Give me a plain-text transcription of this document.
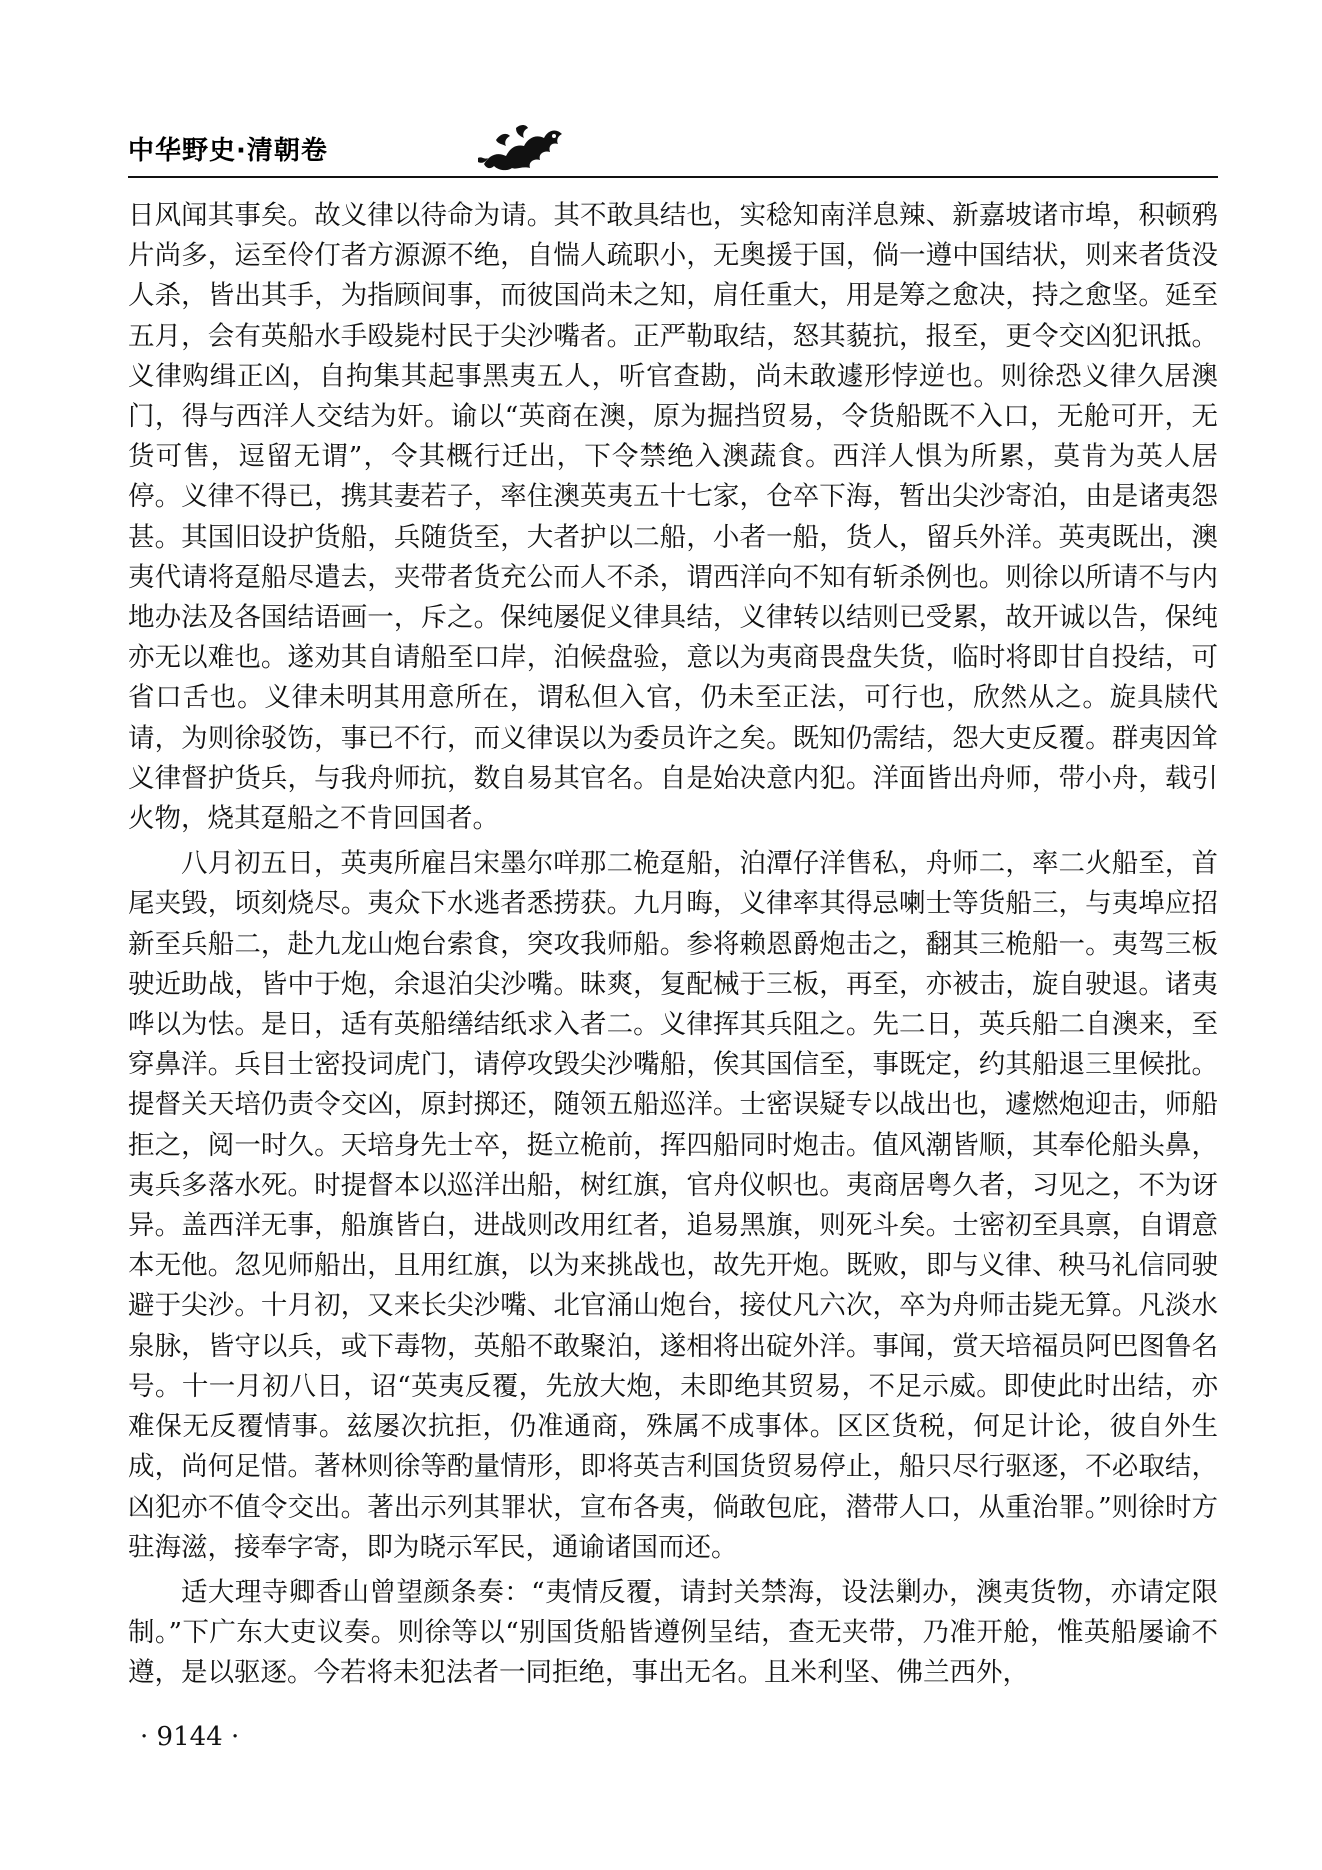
中华野史·清朝卷

日风闻其事矣。故义律以待命为请。其不敢具结也，实稔知南洋息辣、新嘉坡诸市埠，积顿鸦片尚多，运至伶仃者方源源不绝，自惴人疏职小，无奥援于国，倘一遵中国结状，则来者货没人杀，皆出其手，为指顾间事，而彼国尚未之知，肩任重大，用是筹之愈决，持之愈坚。延至五月，会有英船水手殴毙村民于尖沙嘴者。正严勒取结，怒其藐抗，报至，更令交凶犯讯抵。义律购缉正凶，自拘集其起事黑夷五人，听官查勘，尚未敢遽形悖逆也。则徐恐义律久居澳门，得与西洋人交结为奸。谕以“英商在澳，原为掘挡贸易，令货船既不入口，无舱可开，无货可售，逗留无谓”，令其概行迁出，下令禁绝入澳蔬食。西洋人惧为所累，莫肯为英人居停。义律不得已，携其妻若子，率住澳英夷五十七家，仓卒下海，暂出尖沙寄泊，由是诸夷怨甚。其国旧设护货船，兵随货至，大者护以二船，小者一船，货人，留兵外洋。英夷既出，澳夷代请将趸船尽遣去，夹带者货充公而人不杀，谓西洋向不知有斩杀例也。则徐以所请不与内地办法及各国结语画一，斥之。保纯屡促义律具结，义律转以结则已受累，故开诚以告，保纯亦无以难也。遂劝其自请船至口岸，泊候盘验，意以为夷商畏盘失货，临时将即甘自投结，可省口舌也。义律未明其用意所在，谓私但入官，仍未至正法，可行也，欣然从之。旋具牍代请，为则徐驳饬，事已不行，而义律误以为委员许之矣。既知仍需结，怨大吏反覆。群夷因耸义律督护货兵，与我舟师抗，数自易其官名。自是始决意内犯。洋面皆出舟师，带小舟，载引火物，烧其趸船之不肯回国者。

八月初五日，英夷所雇吕宋墨尔咩那二桅趸船，泊潭仔洋售私，舟师二，率二火船至，首尾夹毁，顷刻烧尽。夷众下水逃者悉捞获。九月晦，义律率其得忌喇士等货船三，与夷埠应招新至兵船二，赴九龙山炮台索食，突攻我师船。参将赖恩爵炮击之，翻其三桅船一。夷驾三板驶近助战，皆中于炮，余退泊尖沙嘴。昧爽，复配械于三板，再至，亦被击，旋自驶退。诸夷哗以为怯。是日，适有英船缮结纸求入者二。义律挥其兵阻之。先二日，英兵船二自澳来，至穿鼻洋。兵目士密投词虎门，请停攻毁尖沙嘴船，俟其国信至，事既定，约其船退三里候批。提督关天培仍责令交凶，原封掷还，随领五船巡洋。士密误疑专以战出也，遽燃炮迎击，师船拒之，阅一时久。天培身先士卒，挺立桅前，挥四船同时炮击。值风潮皆顺，其奉伦船头鼻，夷兵多落水死。时提督本以巡洋出船，树红旗，官舟仪帜也。夷商居粤久者，习见之，不为讶异。盖西洋无事，船旗皆白，进战则改用红者，追易黑旗，则死斗矣。士密初至具禀，自谓意本无他。忽见师船出，且用红旗，以为来挑战也，故先开炮。既败，即与义律、秧马礼信同驶避于尖沙。十月初，又来长尖沙嘴、北官涌山炮台，接仗凡六次，卒为舟师击毙无算。凡淡水泉脉，皆守以兵，或下毒物，英船不敢聚泊，遂相将出碇外洋。事闻，赏天培福员阿巴图鲁名号。十一月初八日，诏“英夷反覆，先放大炮，未即绝其贸易，不足示威。即使此时出结，亦难保无反覆情事。兹屡次抗拒，仍准通商，殊属不成事体。区区货税，何足计论，彼自外生成，尚何足惜。著林则徐等酌量情形，即将英吉利国货贸易停止，船只尽行驱逐，不必取结，凶犯亦不值令交出。著出示列其罪状，宣布各夷，倘敢包庇，潜带人口，从重治罪。”则徐时方驻海滋，接奉字寄，即为晓示军民，通谕诸国而还。

适大理寺卿香山曾望颜条奏：“夷情反覆，请封关禁海，设法剿办，澳夷货物，亦请定限制。”下广东大吏议奏。则徐等以“别国货船皆遵例呈结，查无夹带，乃准开舱，惟英船屡谕不遵，是以驱逐。今若将未犯法者一同拒绝，事出无名。且米利坚、佛兰西外，

· 9144 ·
